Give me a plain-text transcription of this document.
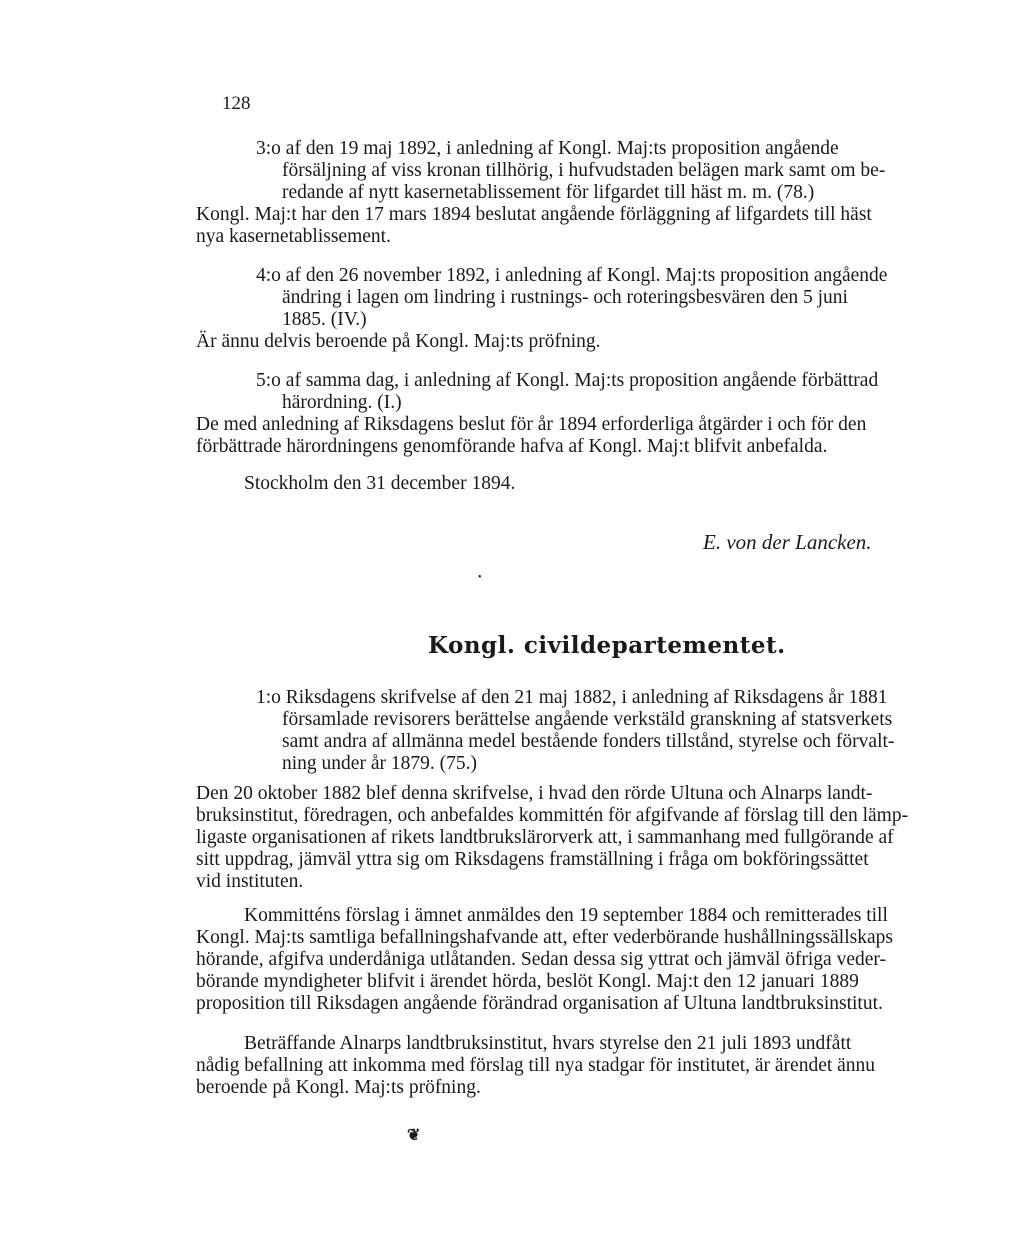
128

3:o af den 19 maj 1892, i anledning af Kongl. Maj:ts proposition angående

försäljning af viss kronan tillhörig, i hufvudstaden belägen mark samt om be-

redande af nytt kasernetablissement för lifgardet till häst m. m. (78.)

Kongl. Maj:t har den 17 mars 1894 beslutat angående förläggning af lifgardets till häst

nya kasernetablissement.

4:o af den 26 november 1892, i anledning af Kongl. Maj:ts proposition angående

ändring i lagen om lindring i rustnings- och roteringsbesvären den 5 juni

1885. (IV.)

Är ännu delvis beroende på Kongl. Maj:ts pröfning.

5:o af samma dag, i anledning af Kongl. Maj:ts proposition angående förbättrad

härordning. (I.)

De med anledning af Riksdagens beslut för år 1894 erforderliga åtgärder i och för den

förbättrade härordningens genomförande hafva af Kongl. Maj:t blifvit anbefalda.

Stockholm den 31 december 1894.
E. von der Lancken.
•
Kongl. civildepartementet.

1:o Riksdagens skrifvelse af den 21 maj 1882, i anledning af Riksdagens år 1881

församlade revisorers berättelse angående verkstäld granskning af statsverkets

samt andra af allmänna medel bestående fonders tillstånd, styrelse och förvalt-

ning under år 1879. (75.)

Den 20 oktober 1882 blef denna skrifvelse, i hvad den rörde Ultuna och Alnarps landt-

bruksinstitut, föredragen, och anbefaldes kommittén för afgifvande af förslag till den lämp-

ligaste organisationen af rikets landtbrukslärorverk att, i sammanhang med fullgörande af

sitt uppdrag, jämväl yttra sig om Riksdagens framställning i fråga om bokföringssättet

vid instituten.

Kommitténs förslag i ämnet anmäldes den 19 september 1884 och remitterades till

Kongl. Maj:ts samtliga befallningshafvande att, efter vederbörande hushållningssällskaps

hörande, afgifva underdåniga utlåtanden. Sedan dessa sig yttrat och jämväl öfriga veder-

börande myndigheter blifvit i ärendet hörda, beslöt Kongl. Maj:t den 12 januari 1889

proposition till Riksdagen angående förändrad organisation af Ultuna landtbruksinstitut.

Beträffande Alnarps landtbruksinstitut, hvars styrelse den 21 juli 1893 undfått

nådig befallning att inkomma med förslag till nya stadgar för institutet, är ärendet ännu

beroende på Kongl. Maj:ts pröfning.

❦
